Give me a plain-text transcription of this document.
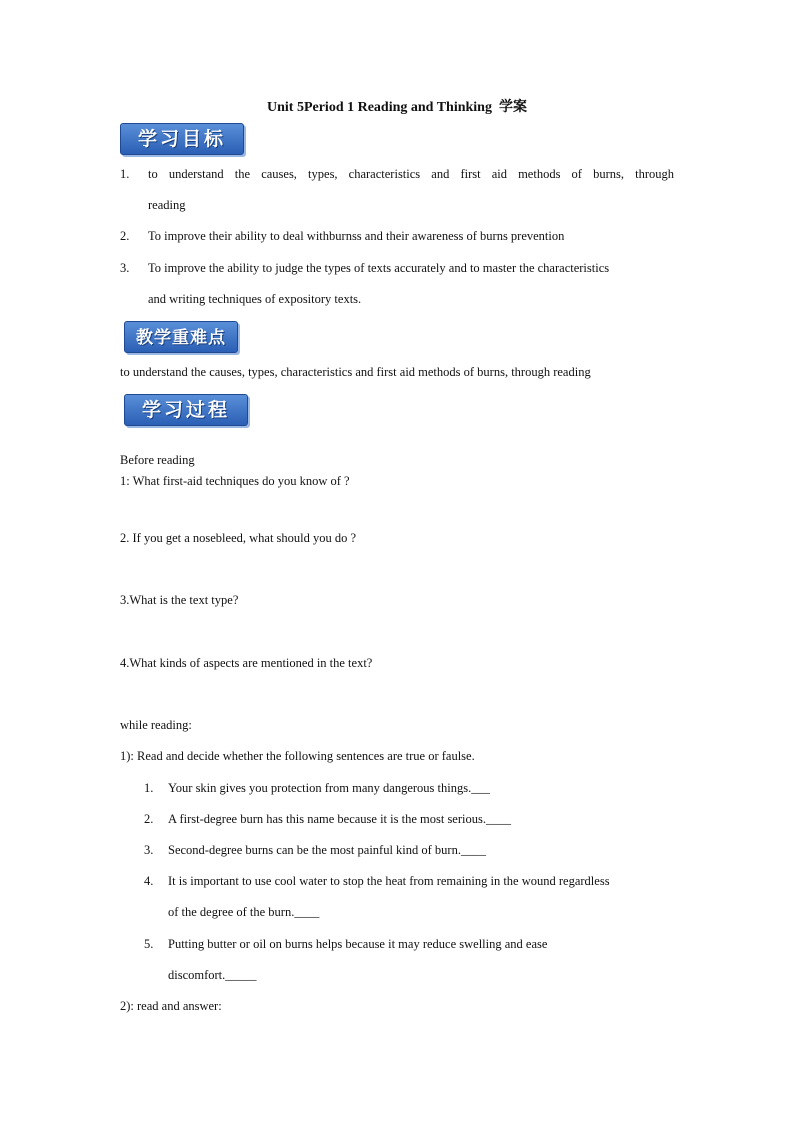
Unit 5Period 1 Reading and Thinking 学案
学习目标
1. to understand the causes, types, characteristics and first aid methods of burns, through
reading
2. To improve their ability to deal withburnss and their awareness of burns prevention
3. To improve the ability to judge the types of texts accurately and to master the characteristics
and writing techniques of expository texts.
教学重难点
to understand the causes, types, characteristics and first aid methods of burns, through reading
学习过程
Before reading
1: What first-aid techniques do you know of ?
2. If you get a nosebleed, what should you do ?
3.What is the text type?
4.What kinds of aspects are mentioned in the text?
while reading:
1): Read and decide whether the following sentences are true or faulse.
1. Your skin gives you protection from many dangerous things.___
2. A first-degree burn has this name because it is the most serious.____
3. Second-degree burns can be the most painful kind of burn.____
4. It is important to use cool water to stop the heat from remaining in the wound regardless
of the degree of the burn.____
5. Putting butter or oil on burns helps because it may reduce swelling and ease
discomfort._____
2): read and answer:
